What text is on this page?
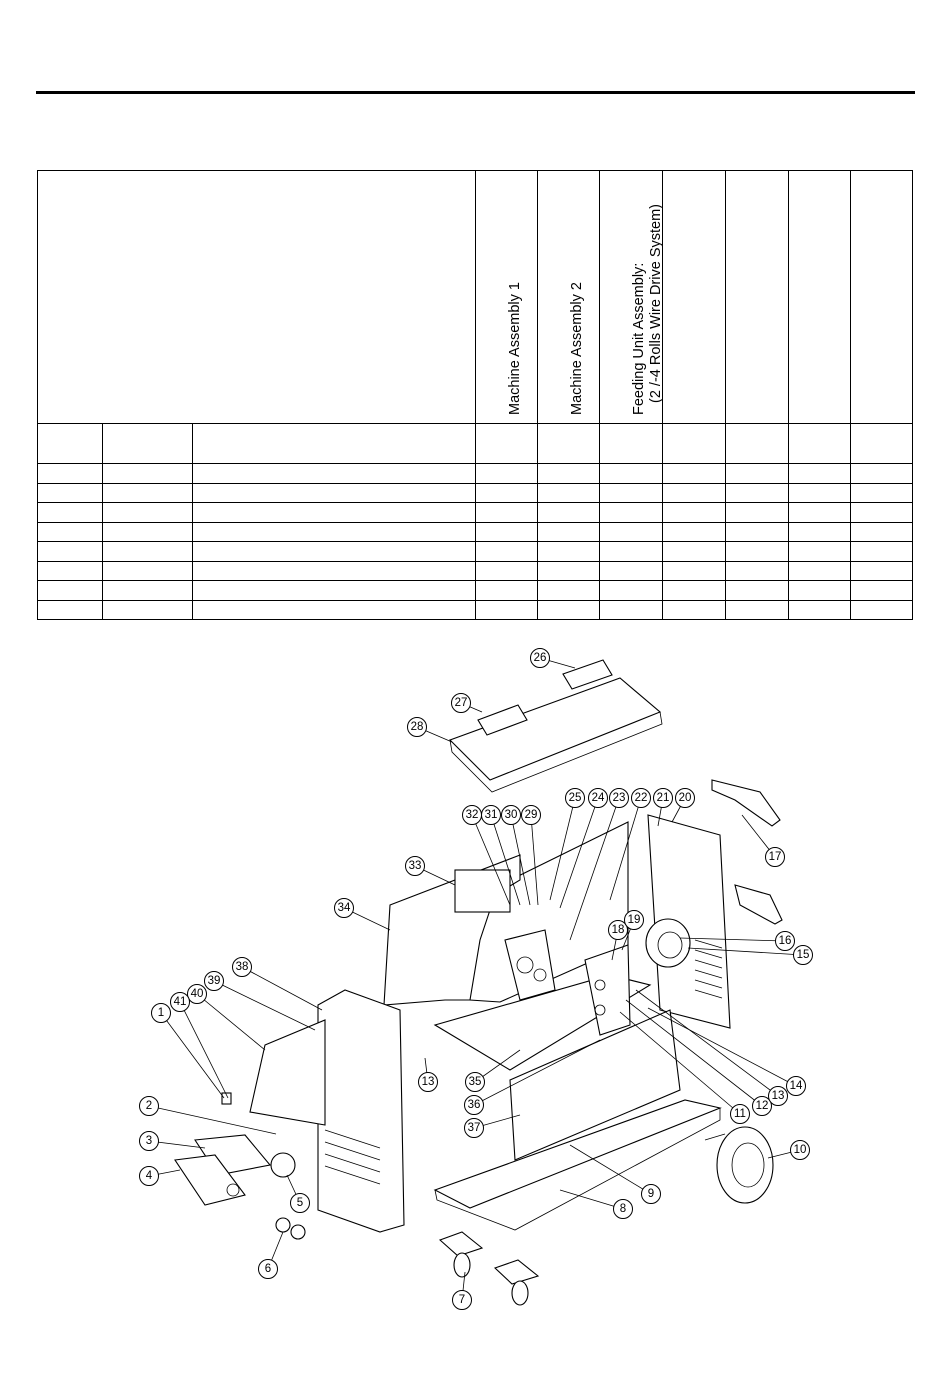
			Machine Assembly 1	Machine Assembly 2	Feeding Unit Assembly: (2 /-4 Rolls Wire Drive System)				

1
2
3
4
5
6
7
8
9
10
11
12
13
13	14
15
16
17
18
19
20
21
22
23
24
25
26
27
28
29
30
31
32
33
34
35
36
37
38
39
40
41
